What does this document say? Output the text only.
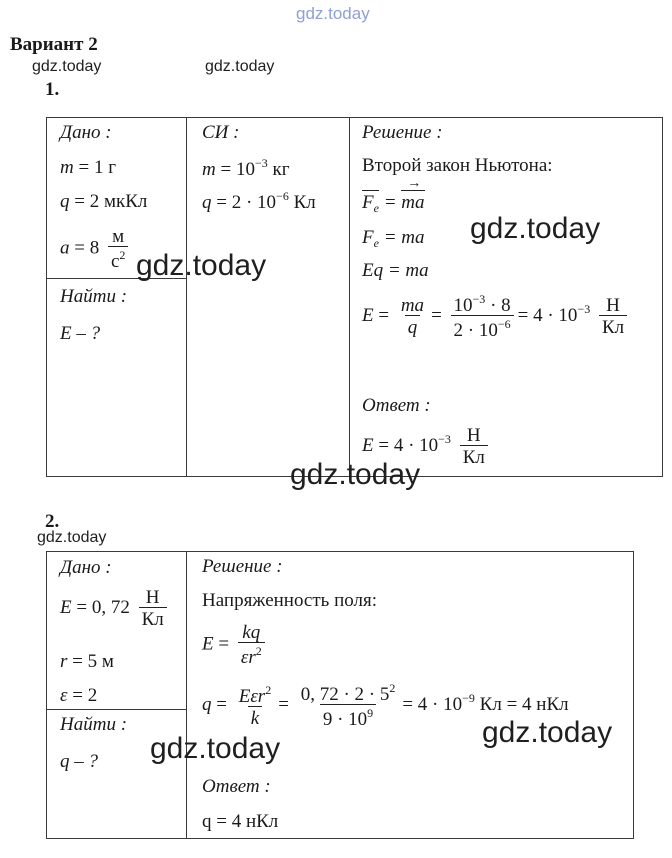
gdz.today
Вариант 2
gdz.today	gdz.today
1.
Дано :
m = 1 г
q = 2 мкКл
$a = 8 \frac{м}{с^2}$
СИ :
$m = 10^{-3}$ кг
$q = 2 \cdot 10^{-6}$ Кл
Найти :
E – ?
Решение :
Второй закон Ньютона:
$F_e$ = ma →
$F_e$ = ma
Eq = ma
$E = \frac{ma}{q} = \frac{10^{-3} \cdot 8}{2 \cdot 10^{-6}} = 4 \cdot 10^{-3} \frac{Н}{Кл}$
Ответ :
$E = 4 \cdot 10^{-3} \frac{Н}{Кл}$
gdz.today
gdz.today
gdz.today
2.
gdz.today
Дано :
E = 0, $72 \frac{Н}{Кл}$
r = 5 м
ε = 2
Найти :
q – ?
Решение :
Напряженность поля:
$E = \frac{kq}{\varepsilon r^2}$
$q = \frac{E\varepsilon r^2}{k} = \frac{0, 72 \cdot 2 \cdot 5^2}{9 \cdot 10^9} = 4 \cdot 10^{-9}$ Кл = 4 нКл
Ответ :
q = 4 нКл
gdz.today	gdz.today
